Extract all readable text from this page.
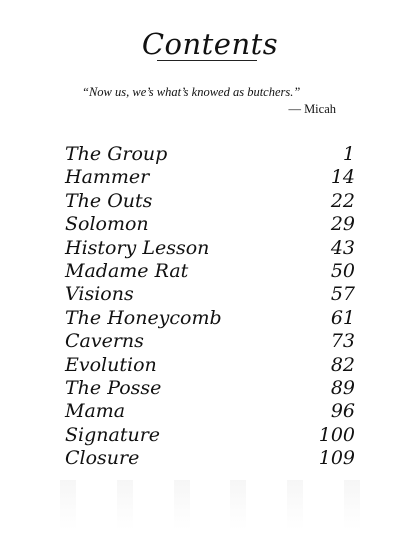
Contents
“Now us, we’s what’s knowed as butchers.”
— Micah
The Group	1
Hammer	14
The Outs	22
Solomon	29
History Lesson	43
Madame Rat	50
Visions	57
The Honeycomb	61
Caverns	73
Evolution	82
The Posse	89
Mama	96
Signature	100
Closure	109
